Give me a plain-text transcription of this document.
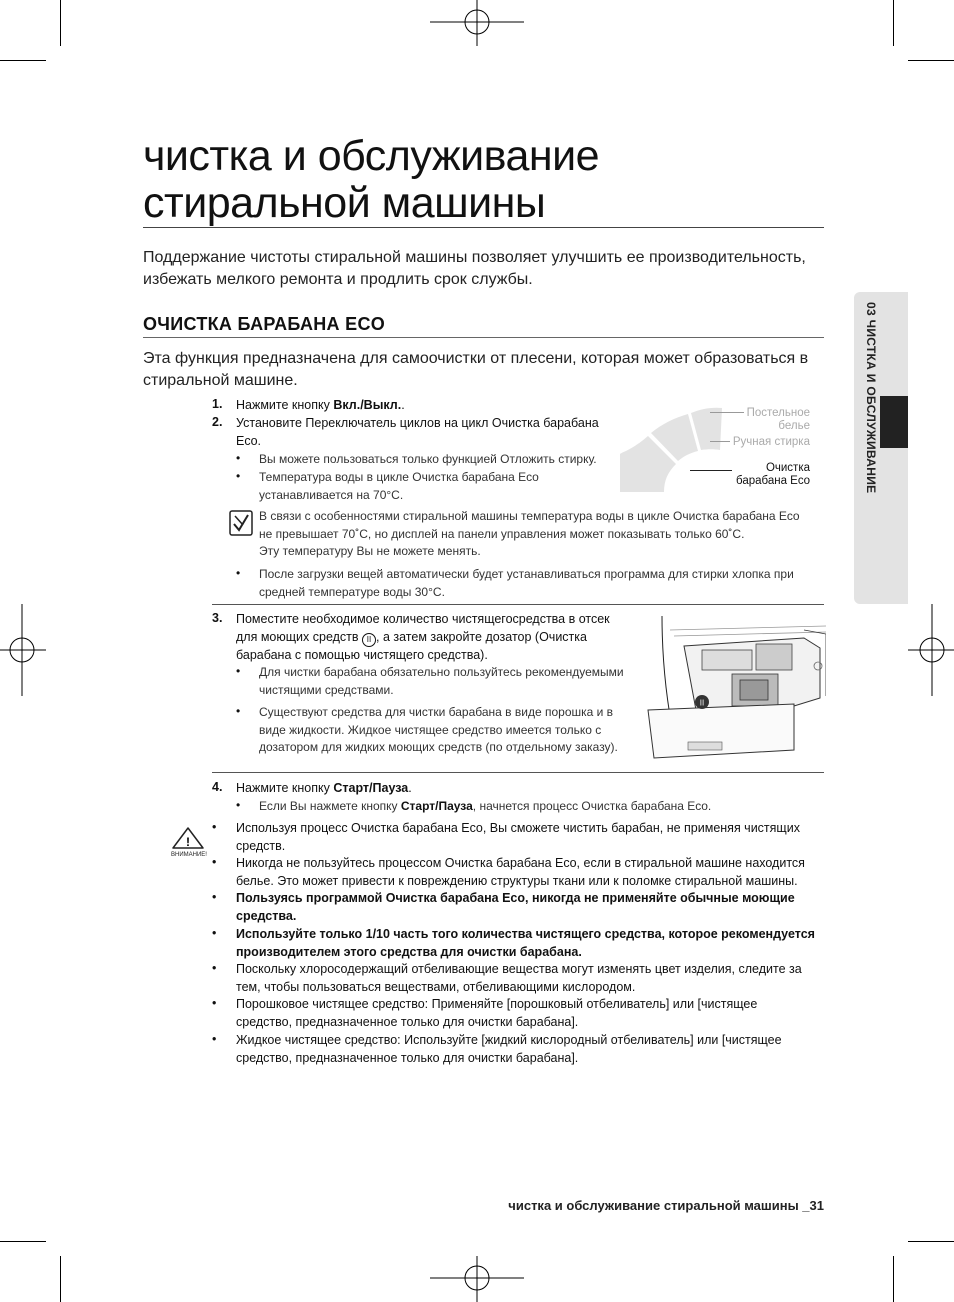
03 ЧИСТКА И ОБСЛУЖИВАНИЕ
чистка и обслуживание
стиральной машины
Поддержание чистоты стиральной машины позволяет улучшить ее производительность, избежать мелкого ремонта и продлить срок службы.
ОЧИСТКА БАРАБАНА ECO
Эта функция предназначена для самоочистки от плесени, которая может образоваться в стиральной машине.
1.	Нажмите кнопку Вкл./Выкл..
2.	Установите Переключатель циклов на цикл Очистка барабана Eco.
• Вы можете пользоваться только функцией Отложить стирку.
• Температура воды в цикле Очистка барабана Eco устанавливается на 70°C.
Постельное
белье
Ручная стирка
Очистка
барабана Eco
В связи с особенностями стиральной машины температура воды в цикле Очистка барабана Eco не превышает 70˚C, но дисплей на панели управления может показывать только 60˚C.
Эту температуру Вы не можете менять.
• После загрузки вещей автоматически будет устанавливаться программа для стирки хлопка при средней температуре воды 30°C.
3.	Поместите необходимое количество чистящегосредства в отсек для моющих средств II , а затем закройте дозатор (Очистка барабана с помощью чистящего средства).
• Для чистки барабана обязательно пользуйтесь рекомендуемыми чистящими средствами.
• Существуют средства для чистки барабана в виде порошка и в виде жидкости. Жидкое чистящее средство имеется только с дозатором для жидких моющих средств (по отдельному заказу).
II
4.	Нажмите кнопку Старт/Пауза.
• Если Вы нажмете кнопку Старт/Пауза, начнется процесс Очистка барабана Eco.
!
ВНИМАНИЕ!
• Используя процесс Очистка барабана Eco, Вы сможете чистить барабан, не применяя чистящих средств.
• Никогда не пользуйтесь процессом Очистка барабана Eco, если в стиральной машине находится белье. Это может привести к повреждению структуры ткани или к поломке стиральной машины.
• Пользуясь программой Очистка барабана Eco, никогда не применяйте обычные моющие средства.
• Используйте только 1/10 часть того количества чистящего средства, которое рекомендуется производителем этого средства для очистки барабана.
• Поскольку хлоросодержащий отбеливающие вещества могут изменять цвет изделия, следите за тем, чтобы пользоваться веществами, отбеливающими кислородом.
• Порошковое чистящее средство: Применяйте [порошковый отбеливатель] или [чистящее средство, предназначенное только для очистки барабана].
• Жидкое чистящее средство: Используйте [жидкий кислородный отбеливатель] или [чистящее средство, предназначенное только для очистки барабана].
чистка и обслуживание стиральной машины _31
